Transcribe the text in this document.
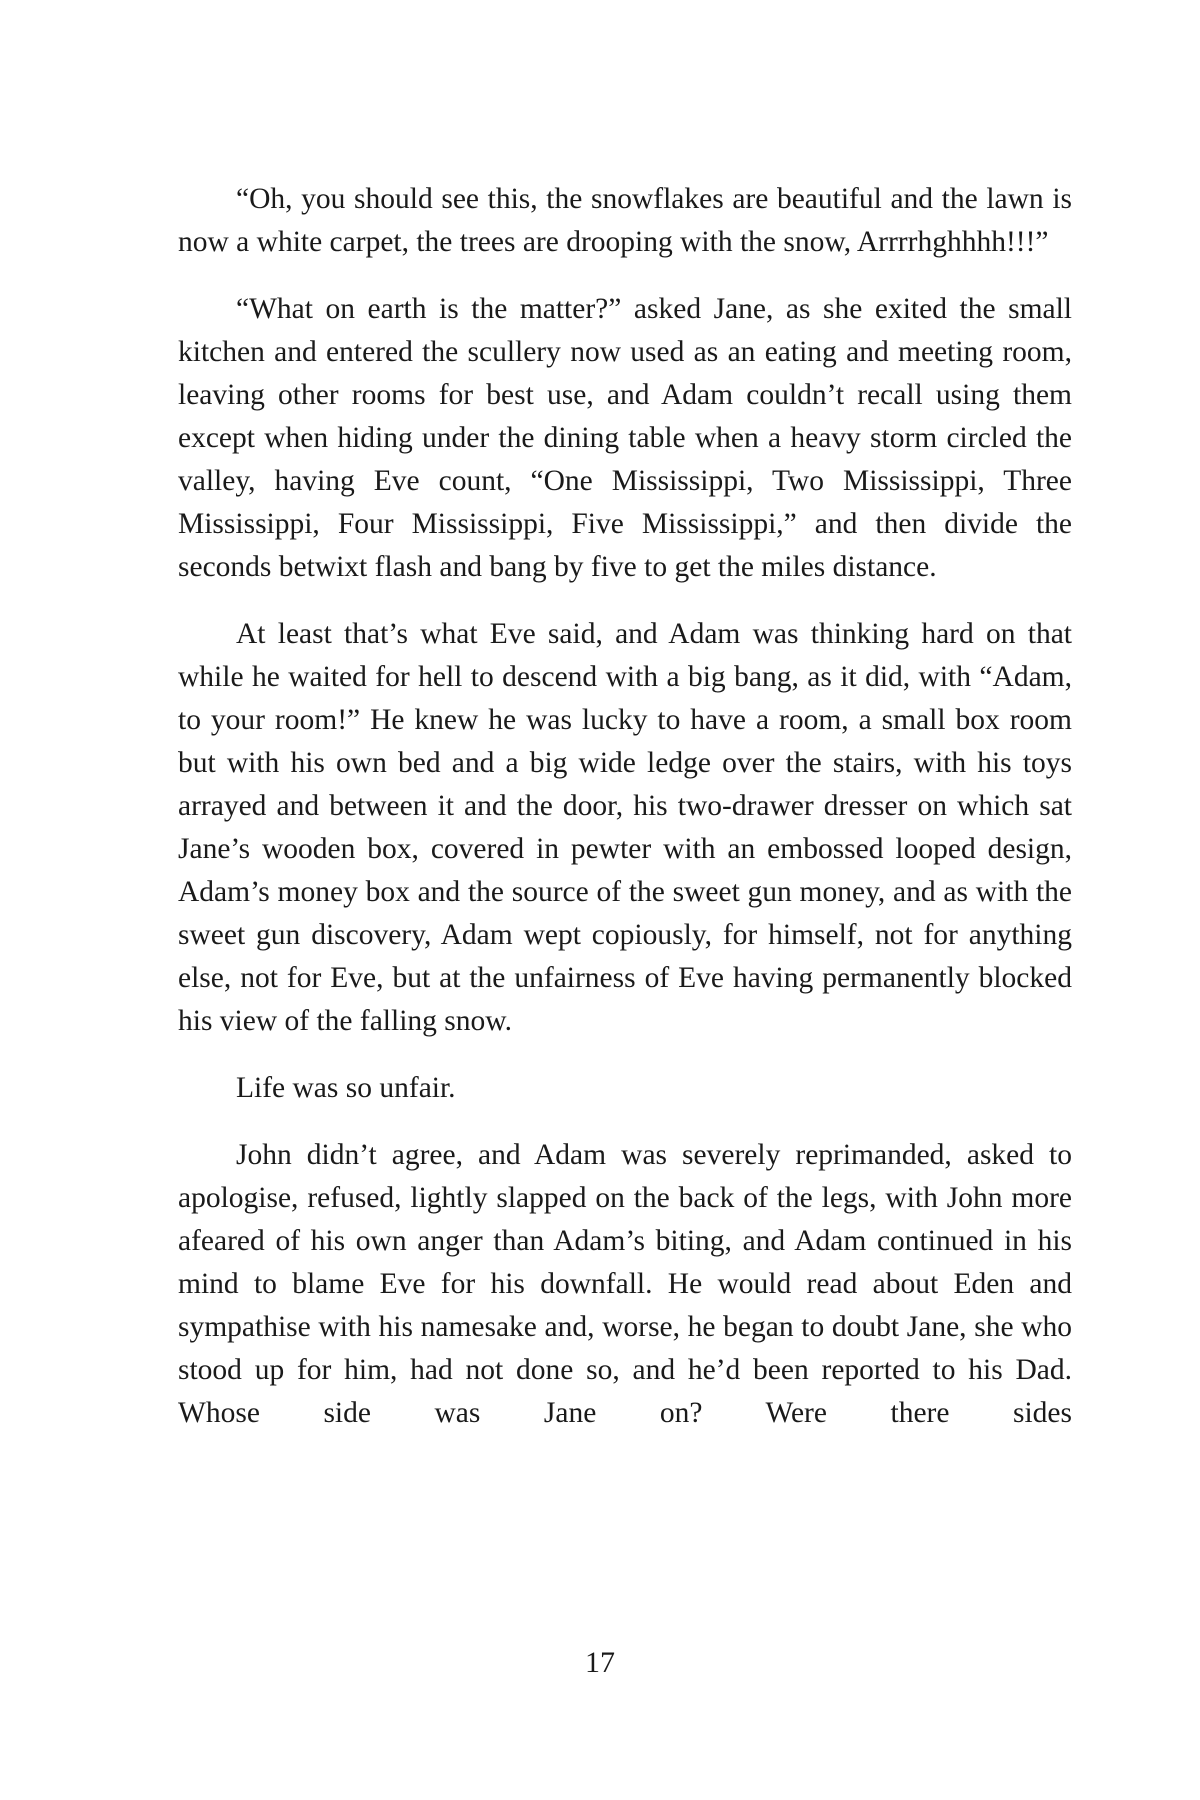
“Oh, you should see this, the snowflakes are beautiful and the lawn is now a white carpet, the trees are drooping with the snow, Arrrrhghhhh!!!”

“What on earth is the matter?” asked Jane, as she exited the small kitchen and entered the scullery now used as an eating and meeting room, leaving other rooms for best use, and Adam couldn’t recall using them except when hiding under the dining table when a heavy storm circled the valley, having Eve count, “One Mississippi, Two Mississippi, Three Mississippi, Four Mississippi, Five Mississippi,” and then divide the seconds betwixt flash and bang by five to get the miles distance.

At least that’s what Eve said, and Adam was thinking hard on that while he waited for hell to descend with a big bang, as it did, with “Adam, to your room!” He knew he was lucky to have a room, a small box room but with his own bed and a big wide ledge over the stairs, with his toys arrayed and between it and the door, his two-drawer dresser on which sat Jane’s wooden box, covered in pewter with an embossed looped design, Adam’s money box and the source of the sweet gun money, and as with the sweet gun discovery, Adam wept copiously, for himself, not for anything else, not for Eve, but at the unfairness of Eve having permanently blocked his view of the falling snow.

Life was so unfair.

John didn’t agree, and Adam was severely reprimanded, asked to apologise, refused, lightly slapped on the back of the legs, with John more afeared of his own anger than Adam’s biting, and Adam continued in his mind to blame Eve for his downfall. He would read about Eden and sympathise with his namesake and, worse, he began to doubt Jane, she who stood up for him, had not done so, and he’d been reported to his Dad. Whose side was Jane on? Were there sides

17
